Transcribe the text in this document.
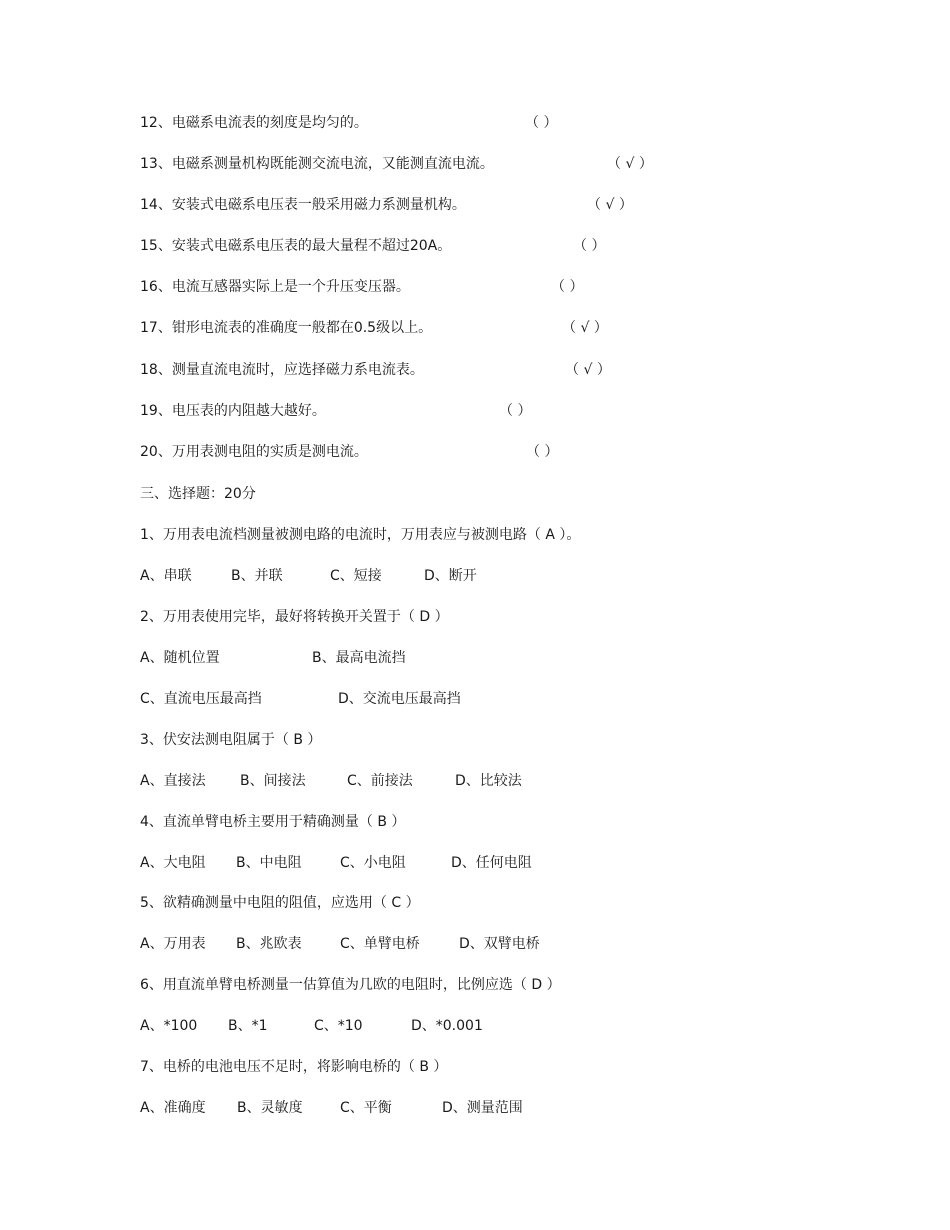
12、电磁系电流表的刻度是均匀的。	（ ）
13、电磁系测量机构既能测交流电流，又能测直流电流。	（ √ ）
14、安装式电磁系电压表一般采用磁力系测量机构。	（ √ ）
15、安装式电磁系电压表的最大量程不超过20A。	（ ）
16、电流互感器实际上是一个升压变压器。	（ ）
17、钳形电流表的准确度一般都在0.5级以上。	（ √ ）
18、测量直流电流时，应选择磁力系电流表。	（ √ ）
19、电压表的内阻越大越好。	（ ）
20、万用表测电阻的实质是测电流。	（ ）
三、选择题：20分
1、万用表电流档测量被测电路的电流时，万用表应与被测电路（ A ）。
A、串联	B、并联	C、短接	D、断开
2、万用表使用完毕，最好将转换开关置于（ D ）
A、随机位置	B、最高电流挡
C、直流电压最高挡	D、交流电压最高挡
3、伏安法测电阻属于（ B ）
A、直接法 B、间接法	C、前接法	D、比较法
4、直流单臂电桥主要用于精确测量（ B ）
A、大电阻 B、中电阻	C、小电阻	D、任何电阻
5、欲精确测量中电阻的阻值，应选用（ C ）
A、万用表 B、兆欧表	C、单臂电桥	D、双臂电桥
6、用直流单臂电桥测量一估算值为几欧的电阻时，比例应选（ D ）
A、*100 B、*1	C、*10	D、*0.001
7、电桥的电池电压不足时，将影响电桥的（ B ）
A、准确度 B、灵敏度	C、平衡	D、测量范围
